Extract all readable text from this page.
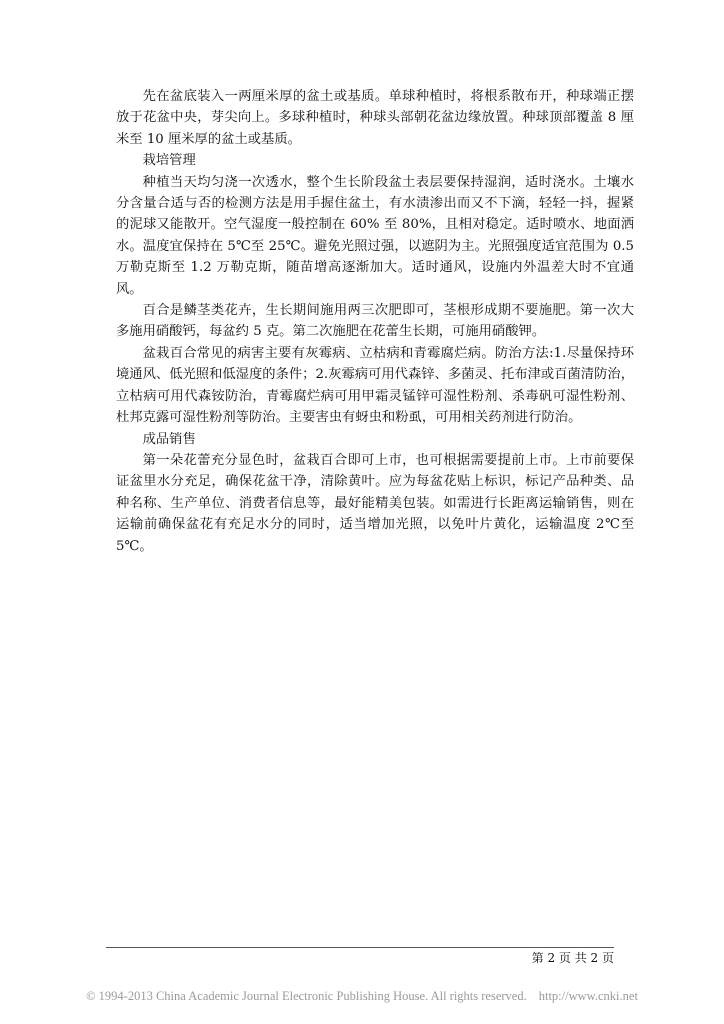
先在盆底装入一两厘米厚的盆土或基质。单球种植时，将根系散布开，种球端正摆放于花盆中央，芽尖向上。多球种植时，种球头部朝花盆边缘放置。种球顶部覆盖 8 厘米至 10 厘米厚的盆土或基质。

栽培管理

种植当天均匀浇一次透水，整个生长阶段盆土表层要保持湿润，适时浇水。土壤水分含量合适与否的检测方法是用手握住盆土，有水渍渗出而又不下滴，轻轻一抖，握紧的泥球又能散开。空气湿度一般控制在 60% 至 80%，且相对稳定。适时喷水、地面洒水。温度宜保持在 5℃至 25℃。避免光照过强，以遮阴为主。光照强度适宜范围为 0.5 万勒克斯至 1.2 万勒克斯，随苗增高逐渐加大。适时通风，设施内外温差大时不宜通风。

百合是鳞茎类花卉，生长期间施用两三次肥即可，茎根形成期不要施肥。第一次大多施用硝酸钙，每盆约 5 克。第二次施肥在花蕾生长期，可施用硝酸钾。

盆栽百合常见的病害主要有灰霉病、立枯病和青霉腐烂病。防治方法:1.尽量保持环境通风、低光照和低湿度的条件；2.灰霉病可用代森锌、多菌灵、托布津或百菌清防治，立枯病可用代森铵防治，青霉腐烂病可用甲霜灵锰锌可湿性粉剂、杀毒矾可湿性粉剂、杜邦克露可湿性粉剂等防治。主要害虫有蚜虫和粉虱，可用相关药剂进行防治。

成品销售

第一朵花蕾充分显色时，盆栽百合即可上市，也可根据需要提前上市。上市前要保证盆里水分充足，确保花盆干净，清除黄叶。应为每盆花贴上标识，标记产品种类、品种名称、生产单位、消费者信息等，最好能精美包装。如需进行长距离运输销售，则在运输前确保盆花有充足水分的同时，适当增加光照，以免叶片黄化，运输温度 2℃至 5℃。

第 2 页 共 2 页
© 1994-2013 China Academic Journal Electronic Publishing House. All rights reserved. http://www.cnki.net
